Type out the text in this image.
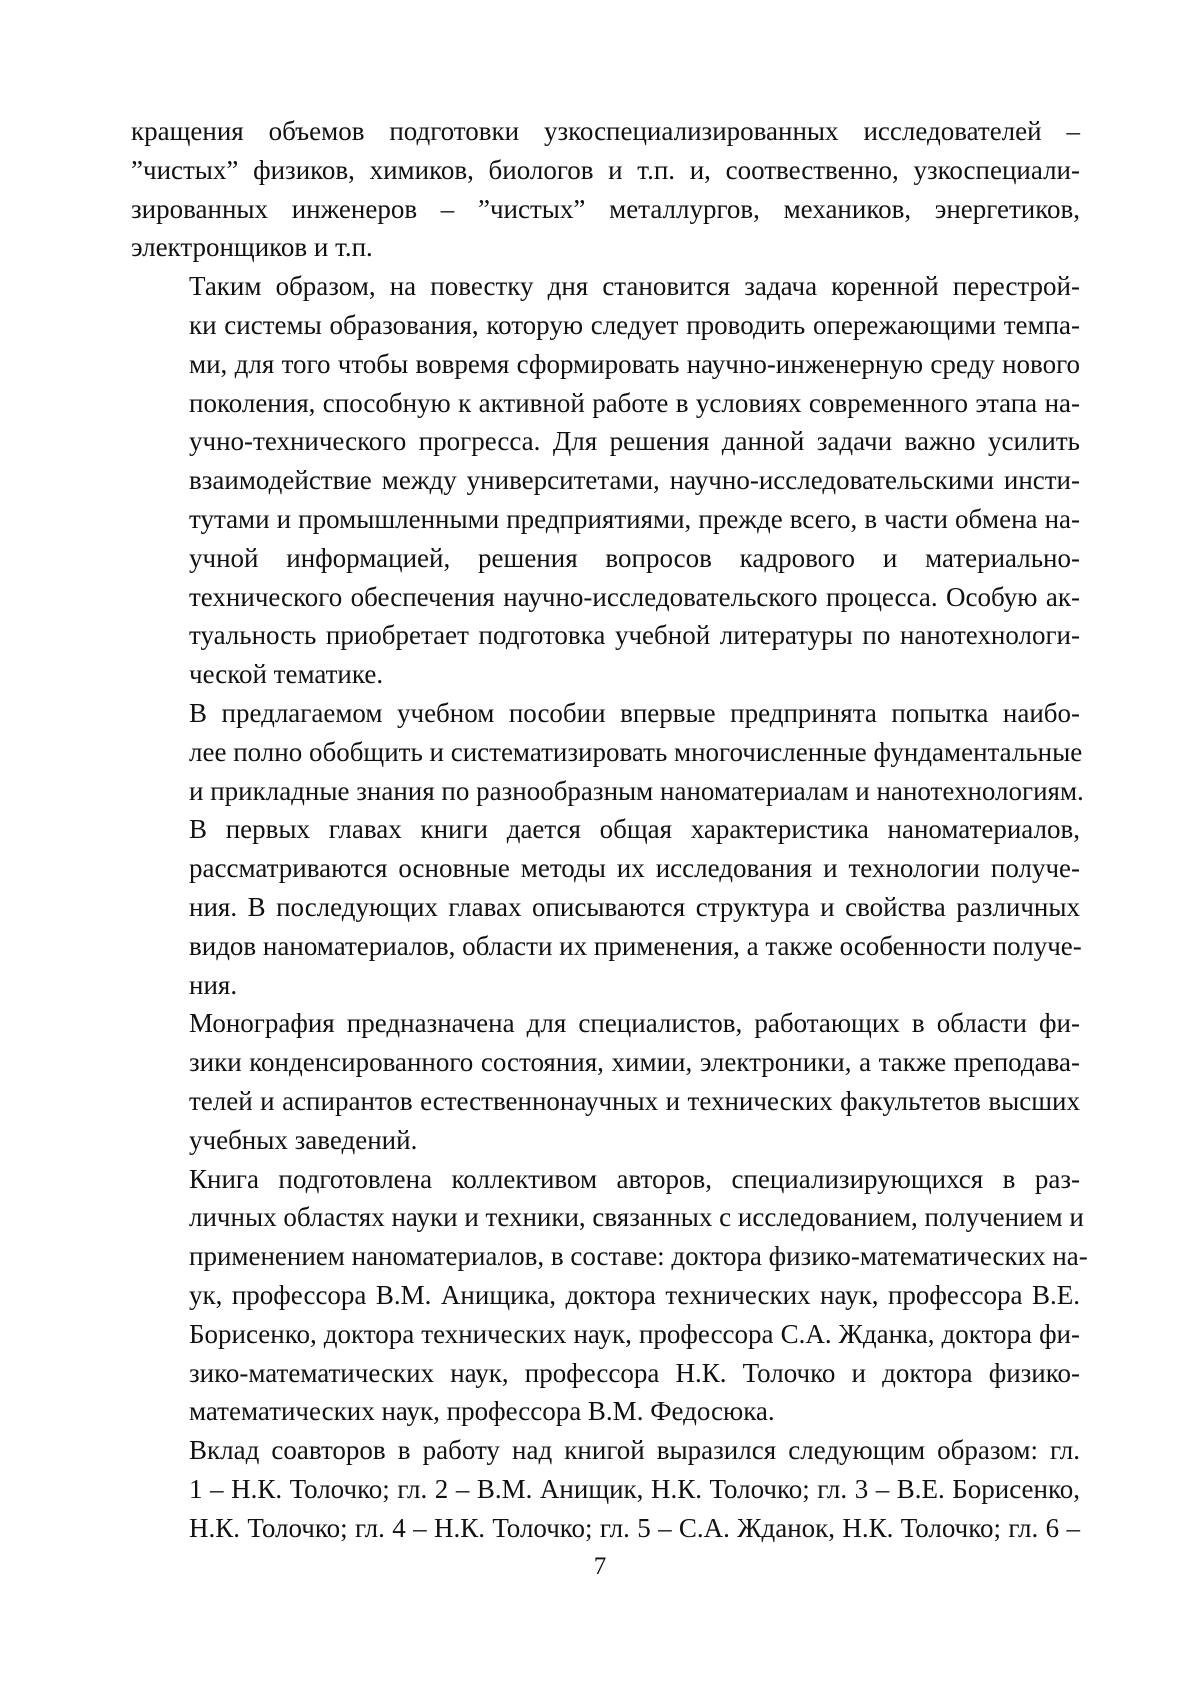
кращения объемов подготовки узкоспециализированных исследователей –
”чистых” физиков, химиков, биологов и т.п. и, соотвественно, узкоспециали-
зированных инженеров – ”чистых” металлургов, механиков, энергетиков,
электронщиков и т.п.

Таким образом, на повестку дня становится задача коренной перестрой-
ки системы образования, которую следует проводить опережающими темпа-
ми, для того чтобы вовремя сформировать научно-инженерную среду нового
поколения, способную к активной работе в условиях современного этапа на-
учно-технического прогресса. Для решения данной задачи важно усилить
взаимодействие между университетами, научно-исследовательскими инсти-
тутами и промышленными предприятиями, прежде всего, в части обмена на-
учной информацией, решения вопросов кадрового и материально-
технического обеспечения научно-исследовательского процесса. Особую ак-
туальность приобретает подготовка учебной литературы по нанотехнологи-
ческой тематике.

В предлагаемом учебном пособии впервые предпринята попытка наибо-
лее полно обобщить и систематизировать многочисленные фундаментальные
и прикладные знания по разнообразным наноматериалам и нанотехнологиям.

В первых главах книги дается общая характеристика наноматериалов,
рассматриваются основные методы их исследования и технологии получе-
ния. В последующих главах описываются структура и свойства различных
видов наноматериалов, области их применения, а также особенности получе-
ния.

Монография предназначена для специалистов, работающих в области фи-
зики конденсированного состояния, химии, электроники, а также преподава-
телей и аспирантов естественнонаучных и технических факультетов высших
учебных заведений.

Книга подготовлена коллективом авторов, специализирующихся в раз-
личных областях науки и техники, связанных с исследованием, получением и
применением наноматериалов, в составе: доктора физико-математических на-
ук, профессора В.М. Анищика, доктора технических наук, профессора В.Е.
Борисенко, доктора технических наук, профессора С.А. Жданка, доктора фи-
зико-математических наук, профессора Н.К. Толочко и доктора физико-
математических наук, профессора В.М. Федосюка.

Вклад соавторов в работу над книгой выразился следующим образом: гл.
1 – Н.К. Толочко; гл. 2 – В.М. Анищик, Н.К. Толочко; гл. 3 – В.Е. Борисенко,
Н.К. Толочко; гл. 4 – Н.К. Толочко; гл. 5 – С.А. Жданок, Н.К. Толочко; гл. 6 –

7
